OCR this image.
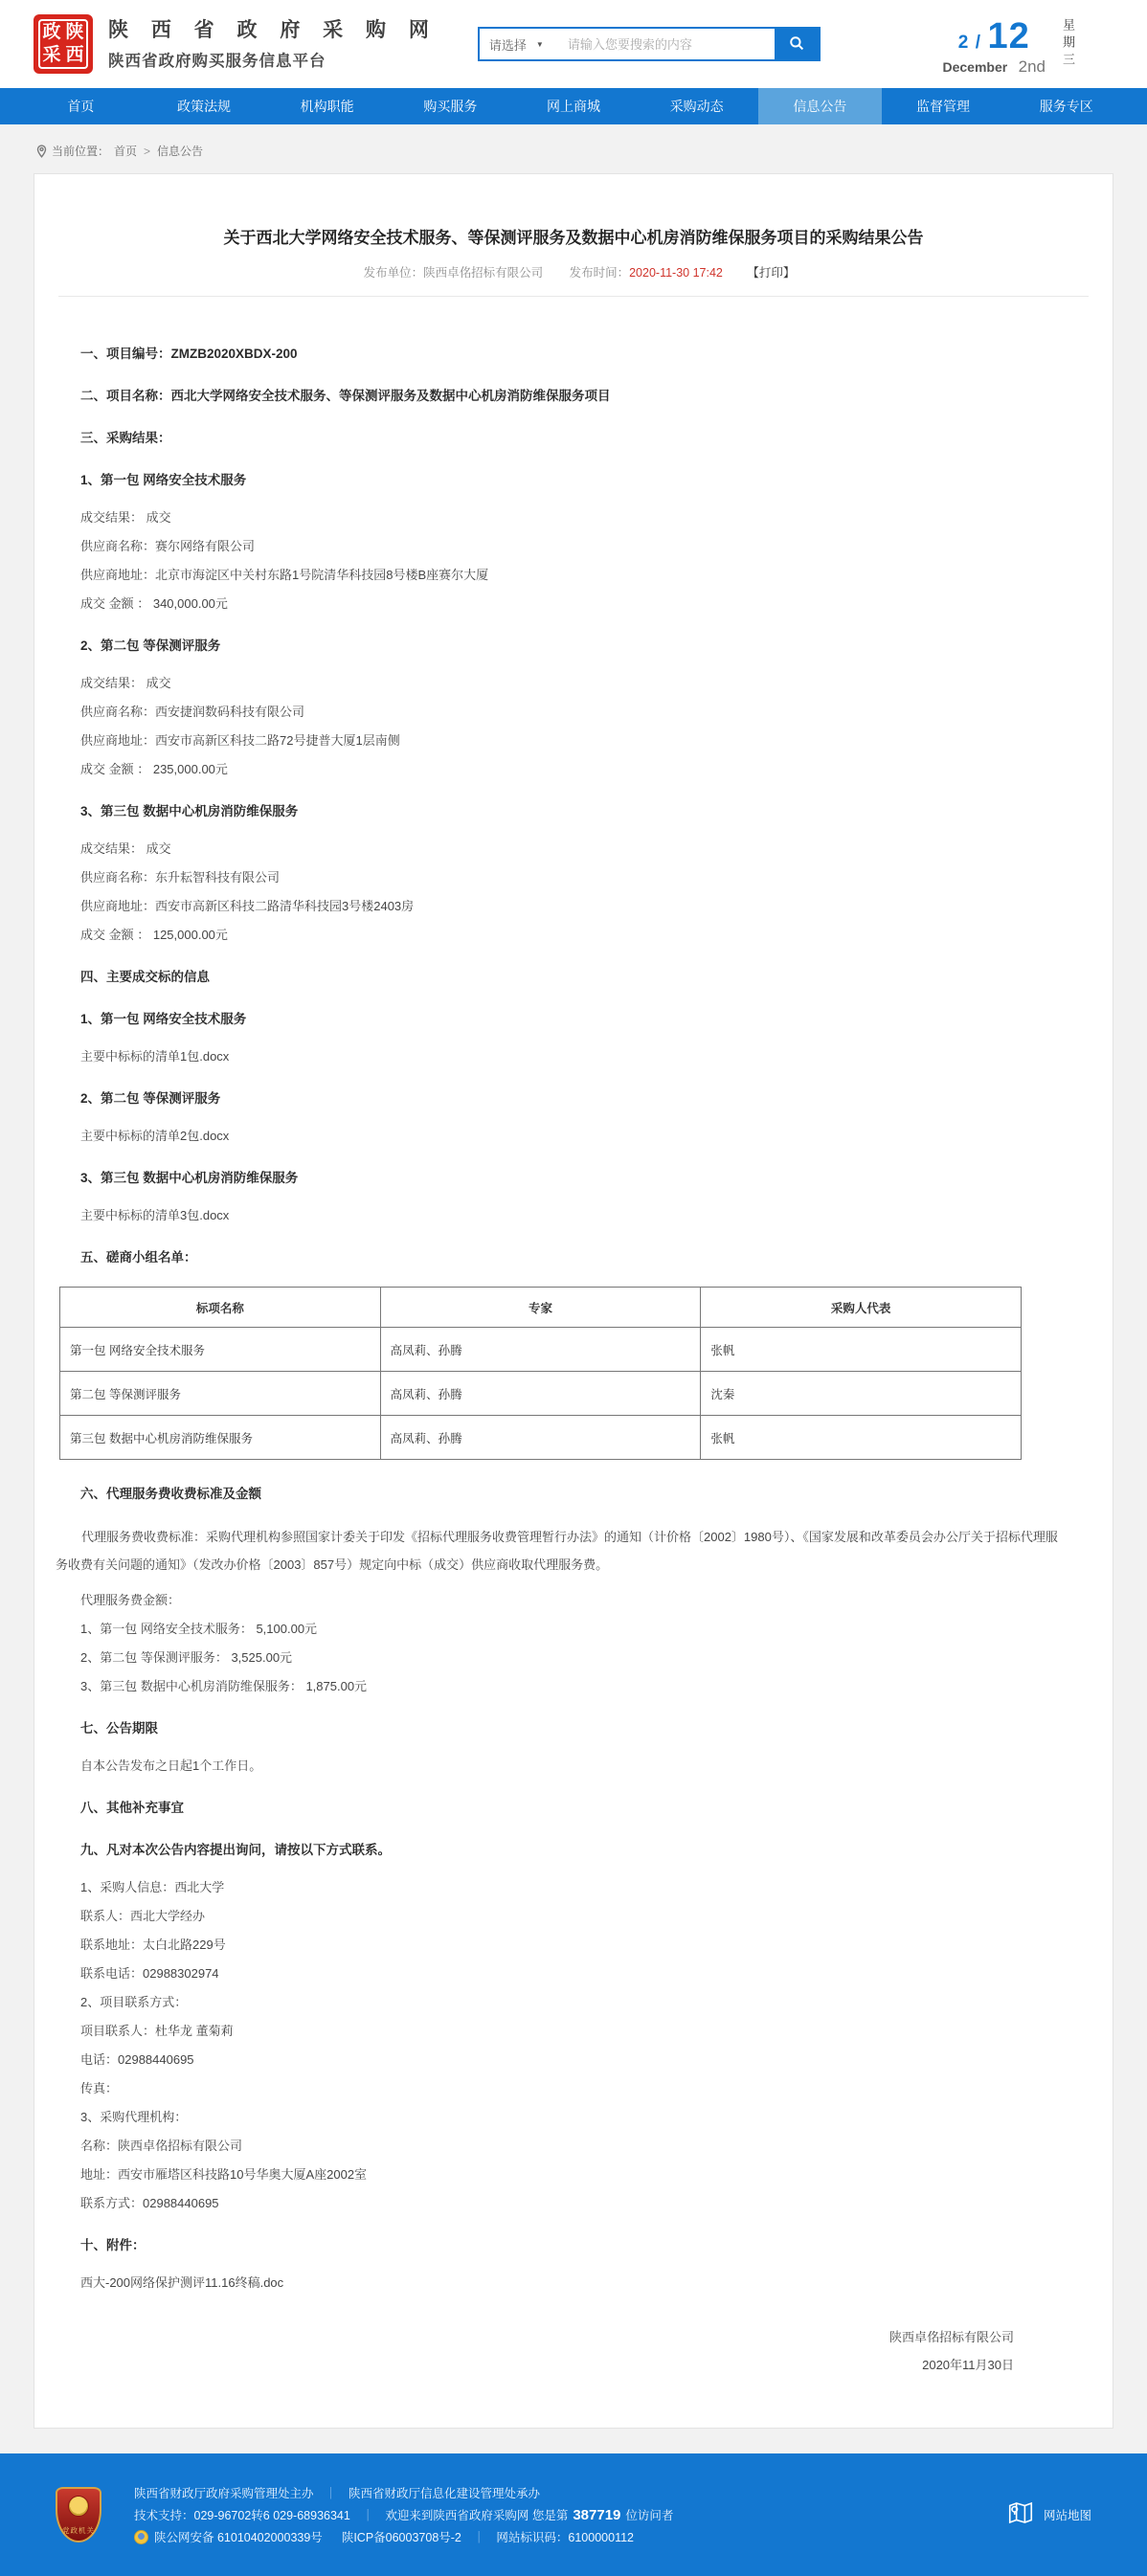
政 陕
采 西
陕 西 省 政 府 采 购 网
陕西省政府购买服务信息平台
请选择 ▼
请输入您要搜索的内容	2 / 12
December 2nd 星期三
首页	政策法规	机构职能	购买服务	网上商城	采购动态	信息公告	监督管理	服务专区
当前位置： 首页 > 信息公告
关于西北大学网络安全技术服务、等保测评服务及数据中心机房消防维保服务项目的采购结果公告
发布单位：陕西卓佲招标有限公司 发布时间：2020-11-30 17:42 【打印】

一、项目编号：ZMZB2020XBDX-200

二、项目名称：西北大学网络安全技术服务、等保测评服务及数据中心机房消防维保服务项目

三、采购结果：

1、第一包 网络安全技术服务

成交结果： 成交

供应商名称：赛尔网络有限公司

供应商地址：北京市海淀区中关村东路1号院清华科技园8号楼B座赛尔大厦

成交 金额 ： 340,000.00元

2、第二包 等保测评服务

成交结果： 成交

供应商名称：西安捷润数码科技有限公司

供应商地址：西安市高新区科技二路72号捷普大厦1层南侧

成交 金额 ： 235,000.00元

3、第三包 数据中心机房消防维保服务

成交结果： 成交

供应商名称：东升耘智科技有限公司

供应商地址：西安市高新区科技二路清华科技园3号楼2403房

成交 金额 ： 125,000.00元

四、主要成交标的信息

1、第一包 网络安全技术服务

主要中标标的清单1包.docx

2、第二包 等保测评服务

主要中标标的清单2包.docx

3、第三包 数据中心机房消防维保服务

主要中标标的清单3包.docx

五、磋商小组名单：

标项名称	专家	采购人代表
第一包 网络安全技术服务	高凤莉、孙腾	张帆
第二包 等保测评服务	高凤莉、孙腾	沈秦
第三包 数据中心机房消防维保服务	高凤莉、孙腾	张帆

六、代理服务费收费标准及金额

代理服务费收费标准：采购代理机构参照国家计委关于印发《招标代理服务收费管理暂行办法》的通知（计价格〔2002〕1980号）、《国家发展和改革委员会办公厅关于招标代理服务收费有关问题的通知》（发改办价格〔2003〕857号）规定向中标（成交）供应商收取代理服务费。

代理服务费金额：

1、第一包 网络安全技术服务： 5,100.00元

2、第二包 等保测评服务： 3,525.00元

3、第三包 数据中心机房消防维保服务： 1,875.00元

七、公告期限

自本公告发布之日起1个工作日。

八、其他补充事宜

九、凡对本次公告内容提出询问，请按以下方式联系。

1、采购人信息：西北大学

联系人：西北大学经办

联系地址：太白北路229号

联系电话：02988302974

2、项目联系方式：

项目联系人：杜华龙 董菊莉

电话：02988440695

传真：

3、采购代理机构：

名称：陕西卓佲招标有限公司

地址：西安市雁塔区科技路10号华奥大厦A座2002室

联系方式：02988440695

十、附件：

西大-200网络保护测评11.16终稿.doc

陕西卓佲招标有限公司
2020年11月30日
党政机关
陕西省财政厅政府采购管理处主办 ｜ 陕西省财政厅信息化建设管理处承办
技术支持：029-96702转6 029-68936341 ｜ 欢迎来到陕西省政府采购网 您是第 387719 位访问者
陕公网安备 61010402000339号 陕ICP备06003708号-2 ｜ 网站标识码：6100000112
网站地图
